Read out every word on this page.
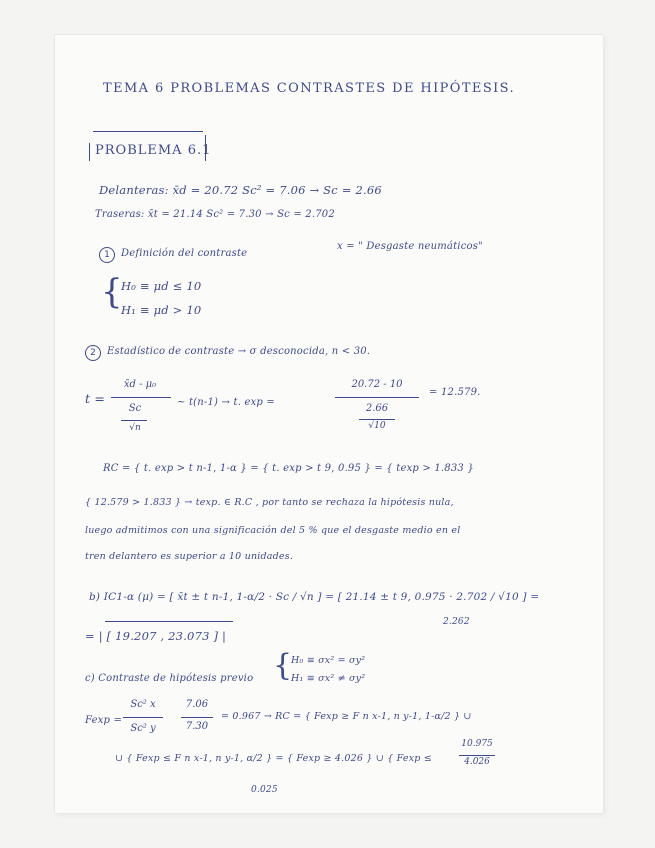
TEMA 6 PROBLEMAS CONTRASTES DE HIPÓTESIS.
PROBLEMA 6.1
Delanteras: x̄d = 20.72 Sc² = 7.06 → Sc = 2.66
Traseras: x̄t = 21.14 Sc² = 7.30 → Sc = 2.702
1	Definición del contraste
x = " Desgaste neumáticos"
{
H₀ ≡ μd ≤ 10
H₁ ≡ μd > 10
2	Estadístico de contraste → σ desconocida, n < 30.
t =
x̄d - μ₀
Sc
√n
~ t(n-1) → t. exp =
20.72 - 10
2.66
√10
= 12.579.
RC = { t. exp > t n-1, 1-α } = { t. exp > t 9, 0.95 } = { texp > 1.833 }
{ 12.579 > 1.833 } → texp. ∈ R.C , por tanto se rechaza la hipótesis nula,
luego admitimos con una significación del 5 % que el desgaste medio en el
tren delantero es superior a 10 unidades.
b) IC1-α (μ) = [ x̄t ± t n-1, 1-α/2 · Sc / √n ] = [ 21.14 ± t 9, 0.975 · 2.702 / √10 ] =
2.262
= | [ 19.207 , 23.073 ] |
c) Contraste de hipótesis previo {
H₀ ≡ σx² = σy²
H₁ ≡ σx² ≠ σy²
Fexp =
Sc² x
Sc² y
7.06
7.30
= 0.967 → RC = { Fexp ≥ F n x-1, n y-1, 1-α/2 } ∪
∪ { Fexp ≤ F n x-1, n y-1, α/2 } = { Fexp ≥ 4.026 } ∪ { Fexp ≤
10.975
4.026
0.025
